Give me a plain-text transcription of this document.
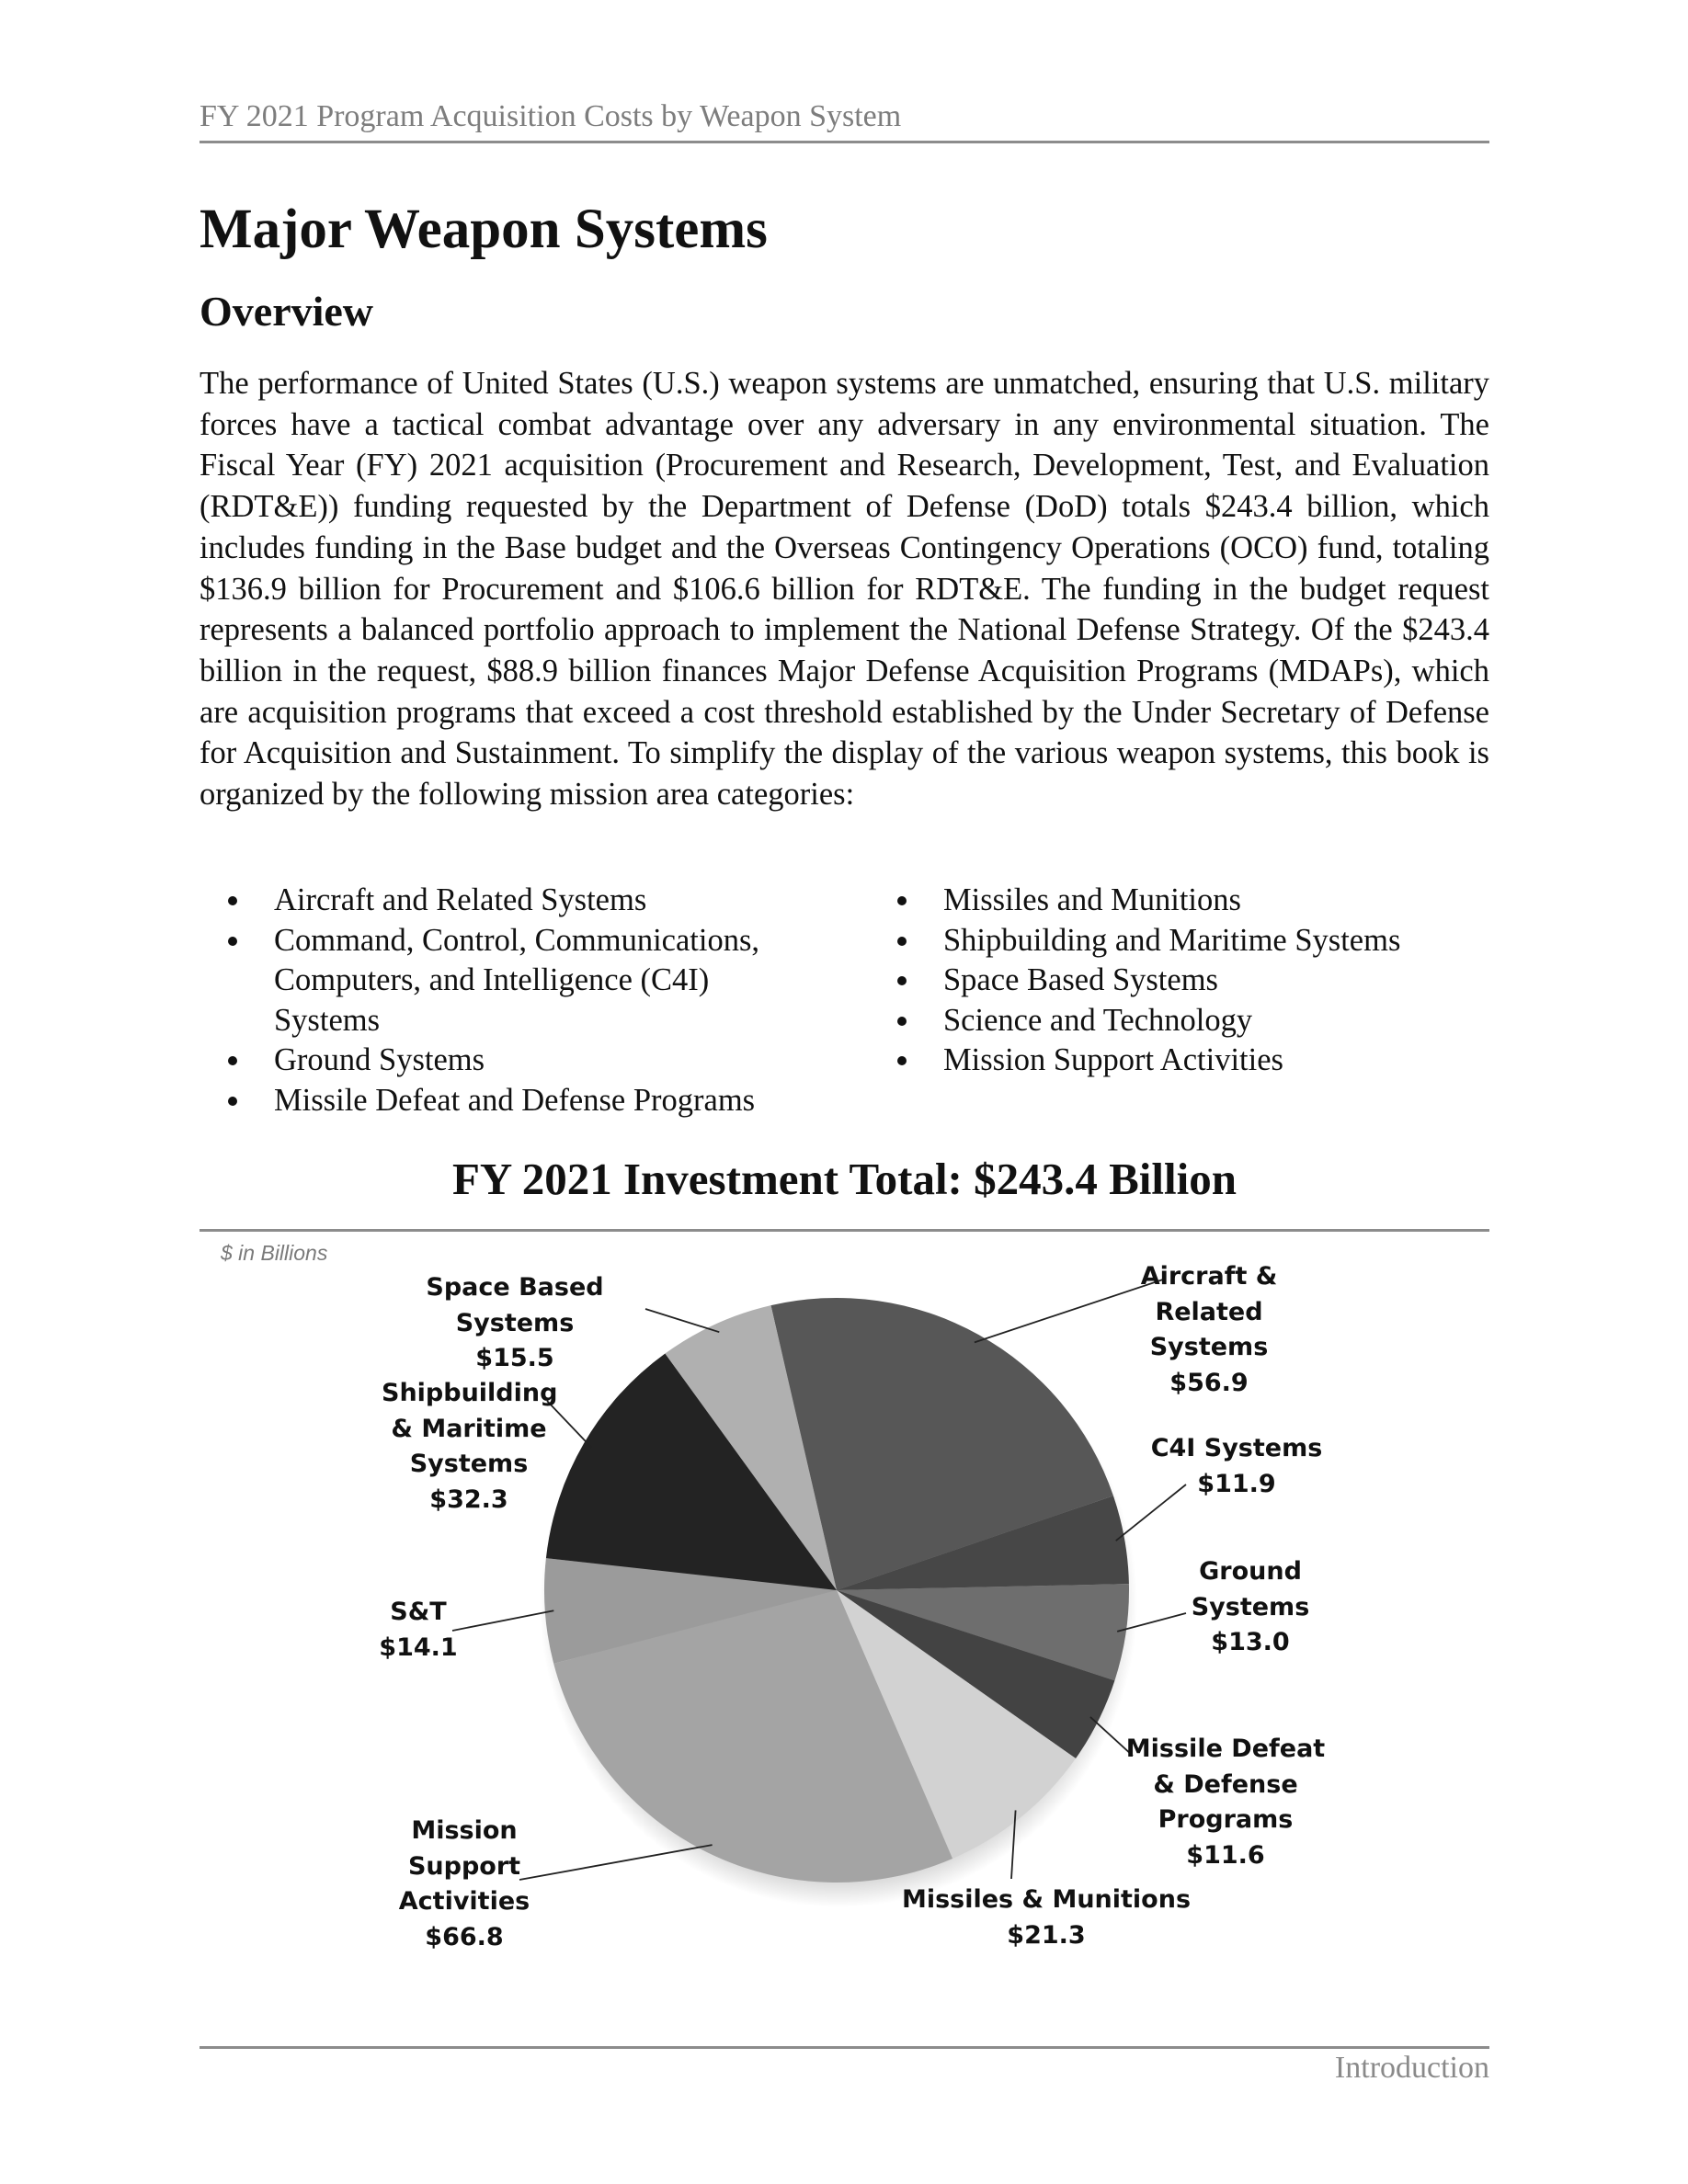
FY 2021 Program Acquisition Costs by Weapon System
Major Weapon Systems
Overview

The performance of United States (U.S.) weapon systems are unmatched, ensuring that U.S. military forces have a tactical combat advantage over any adversary in any environmental situation. The Fiscal Year (FY) 2021 acquisition (Procurement and Research, Development, Test, and Evaluation (RDT&E)) funding requested by the Department of Defense (DoD) totals $243.4 billion, which includes funding in the Base budget and the Overseas Contingency Operations (OCO) fund, totaling $136.9 billion for Procurement and $106.6 billion for RDT&E. The funding in the budget request represents a balanced portfolio approach to implement the National Defense Strategy. Of the $243.4 billion in the request, $88.9 billion finances Major Defense Acquisition Programs (MDAPs), which are acquisition programs that exceed a cost threshold established by the Under Secretary of Defense for Acquisition and Sustainment. To simplify the display of the various weapon systems, this book is organized by the following mission area categories:

Aircraft and Related Systems
Command, Control, Communications, Computers, and Intelligence (C4I) Systems
Ground Systems
Missile Defeat and Defense Programs
Missiles and Munitions
Shipbuilding and Maritime Systems
Space Based Systems
Science and Technology
Mission Support Activities
FY 2021 Investment Total: $243.4 Billion
$ in Billions
Aircraft &
Related
Systems
$56.9
C4I Systems
$11.9
Ground
Systems
$13.0
Missile Defeat
& Defense
Programs
$11.6
Missiles & Munitions
$21.3
Mission
Support
Activities
$66.8
S&T
$14.1
Shipbuilding
& Maritime
Systems
$32.3
Space Based Systems
$15.5
Introduction
